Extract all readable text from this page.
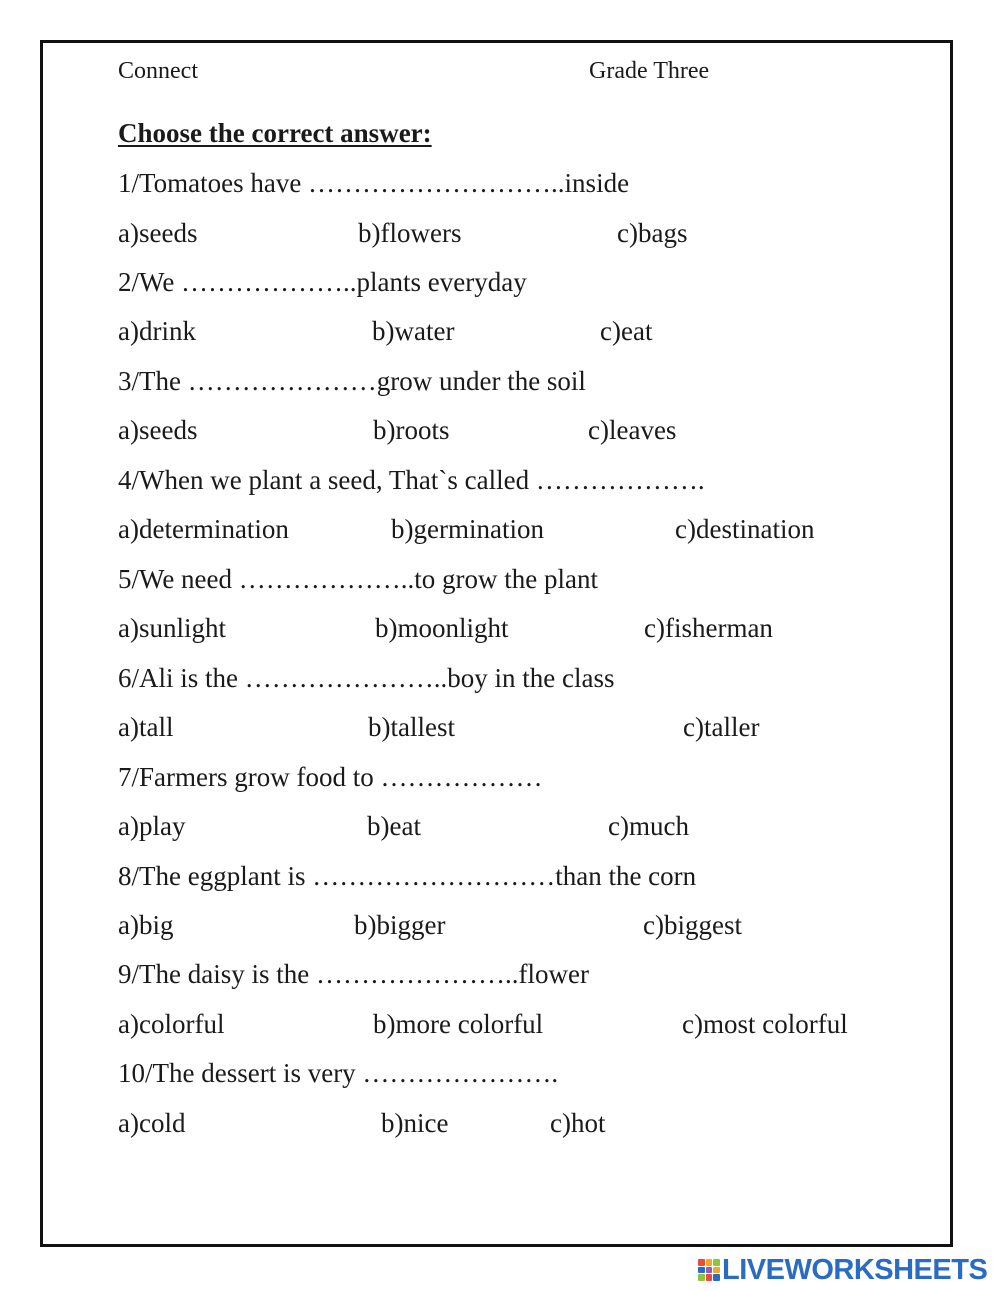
Connect	Grade Three
Choose the correct answer:
1/Tomatoes have ………………………..inside
a)seeds	b)flowers	c)bags
2/We ………………..plants everyday
a)drink	b)water	c)eat
3/The …………………grow under the soil
a)seeds	b)roots	c)leaves
4/When we plant a seed, That`s called ……………….
a)determination	b)germination	c)destination
5/We need ………………..to grow the plant
a)sunlight	b)moonlight	c)fisherman
6/Ali is the …………………..boy in the class
a)tall	b)tallest	c)taller
7/Farmers grow food to ………………
a)play	b)eat	c)much
8/The eggplant is ………………………than the corn
a)big	b)bigger	c)biggest
9/The daisy is the …………………..flower
a)colorful	b)more colorful	c)most colorful
10/The dessert is very ………………….
a)cold	b)nice	c)hot
LIVEWORKSHEETS
